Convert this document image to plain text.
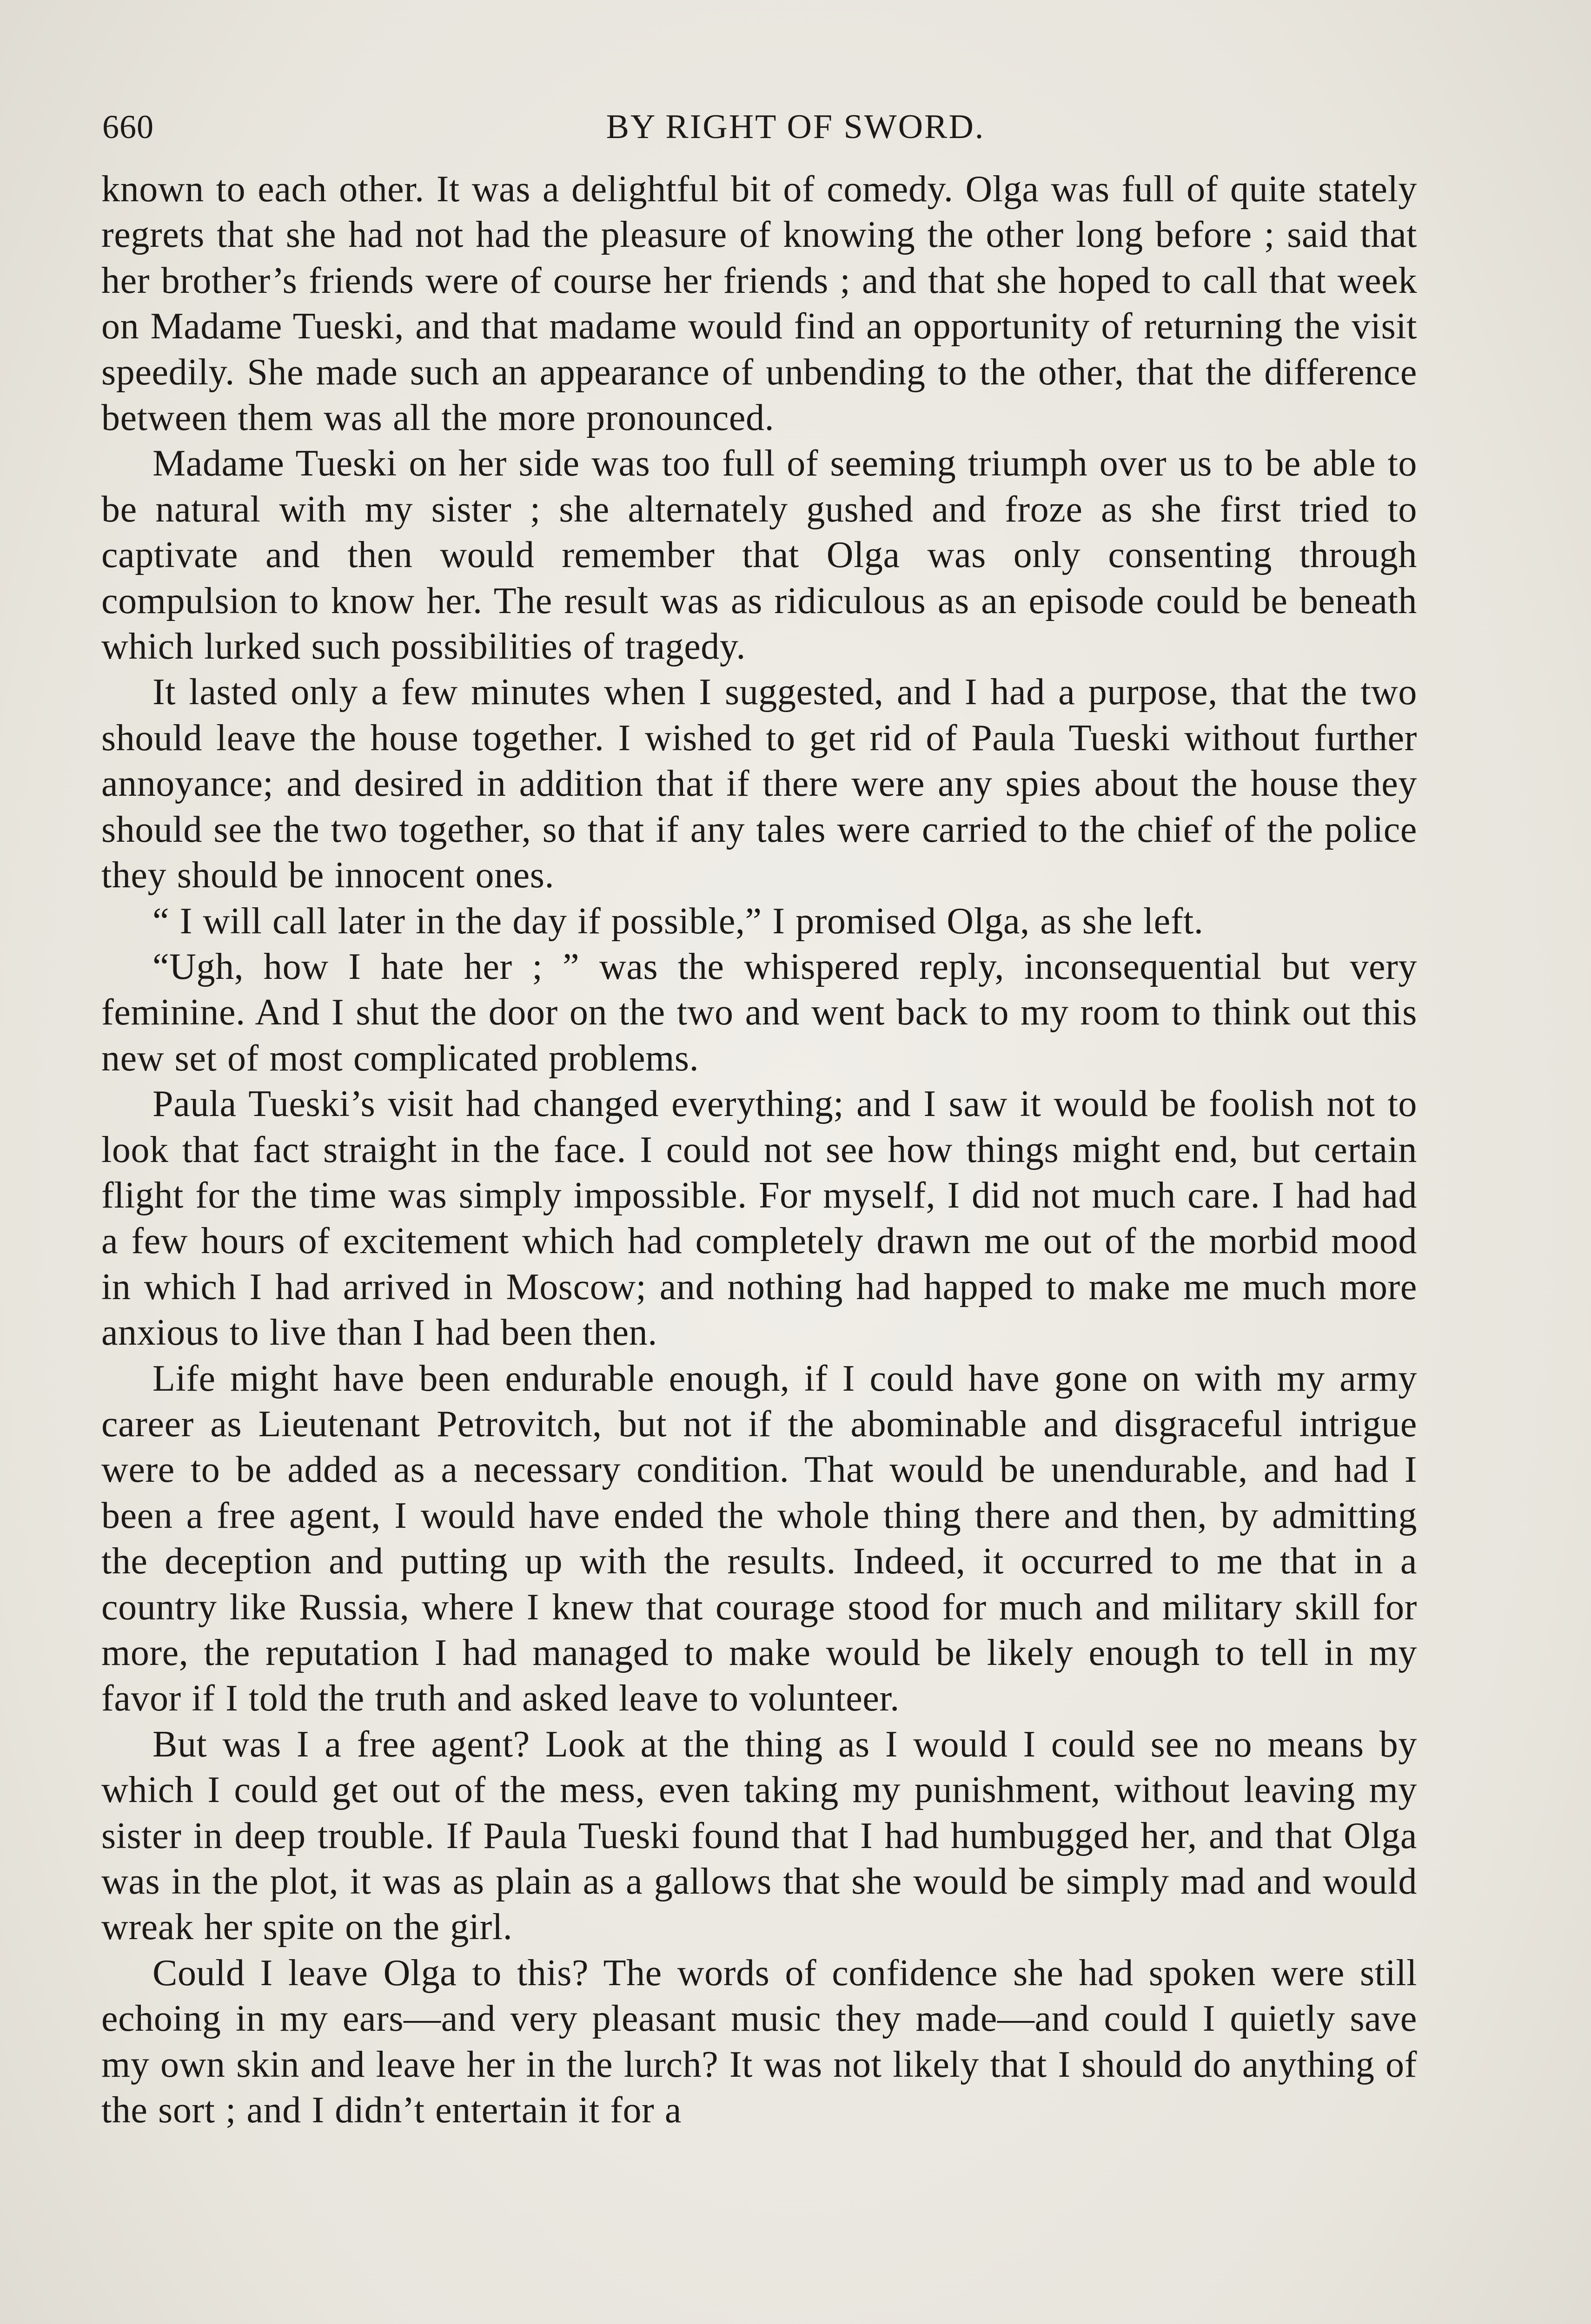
660	BY RIGHT OF SWORD.

known to each other. It was a delightful bit of comedy. Olga was full of quite stately regrets that she had not had the pleasure of knowing the other long before ; said that her brother’s friends were of course her friends ; and that she hoped to call that week on Madame Tueski, and that madame would find an opportunity of returning the visit speedily. She made such an appearance of unbending to the other, that the difference between them was all the more pronounced.

Madame Tueski on her side was too full of seeming triumph over us to be able to be natural with my sister ; she alternately gushed and froze as she first tried to captivate and then would remember that Olga was only consenting through compulsion to know her. The result was as ridiculous as an episode could be beneath which lurked such possibilities of tragedy.

It lasted only a few minutes when I suggested, and I had a purpose, that the two should leave the house together. I wished to get rid of Paula Tueski without further annoyance; and desired in addition that if there were any spies about the house they should see the two together, so that if any tales were carried to the chief of the police they should be innocent ones.

“ I will call later in the day if possible,” I promised Olga, as she left.

“Ugh, how I hate her ; ” was the whispered reply, inconsequential but very feminine. And I shut the door on the two and went back to my room to think out this new set of most complicated problems.

Paula Tueski’s visit had changed everything; and I saw it would be foolish not to look that fact straight in the face. I could not see how things might end, but certain flight for the time was simply impossible. For myself, I did not much care. I had had a few hours of excitement which had completely drawn me out of the morbid mood in which I had arrived in Moscow; and nothing had happed to make me much more anxious to live than I had been then.

Life might have been endurable enough, if I could have gone on with my army career as Lieutenant Petrovitch, but not if the abominable and disgraceful intrigue were to be added as a necessary condition. That would be unendurable, and had I been a free agent, I would have ended the whole thing there and then, by admitting the deception and putting up with the results. Indeed, it occurred to me that in a country like Russia, where I knew that courage stood for much and military skill for more, the reputation I had managed to make would be likely enough to tell in my favor if I told the truth and asked leave to volunteer.

But was I a free agent? Look at the thing as I would I could see no means by which I could get out of the mess, even taking my punishment, without leaving my sister in deep trouble. If Paula Tueski found that I had humbugged her, and that Olga was in the plot, it was as plain as a gallows that she would be simply mad and would wreak her spite on the girl.

Could I leave Olga to this? The words of confidence she had spoken were still echoing in my ears—and very pleasant music they made—and could I quietly save my own skin and leave her in the lurch? It was not likely that I should do anything of the sort ; and I didn’t entertain it for a
